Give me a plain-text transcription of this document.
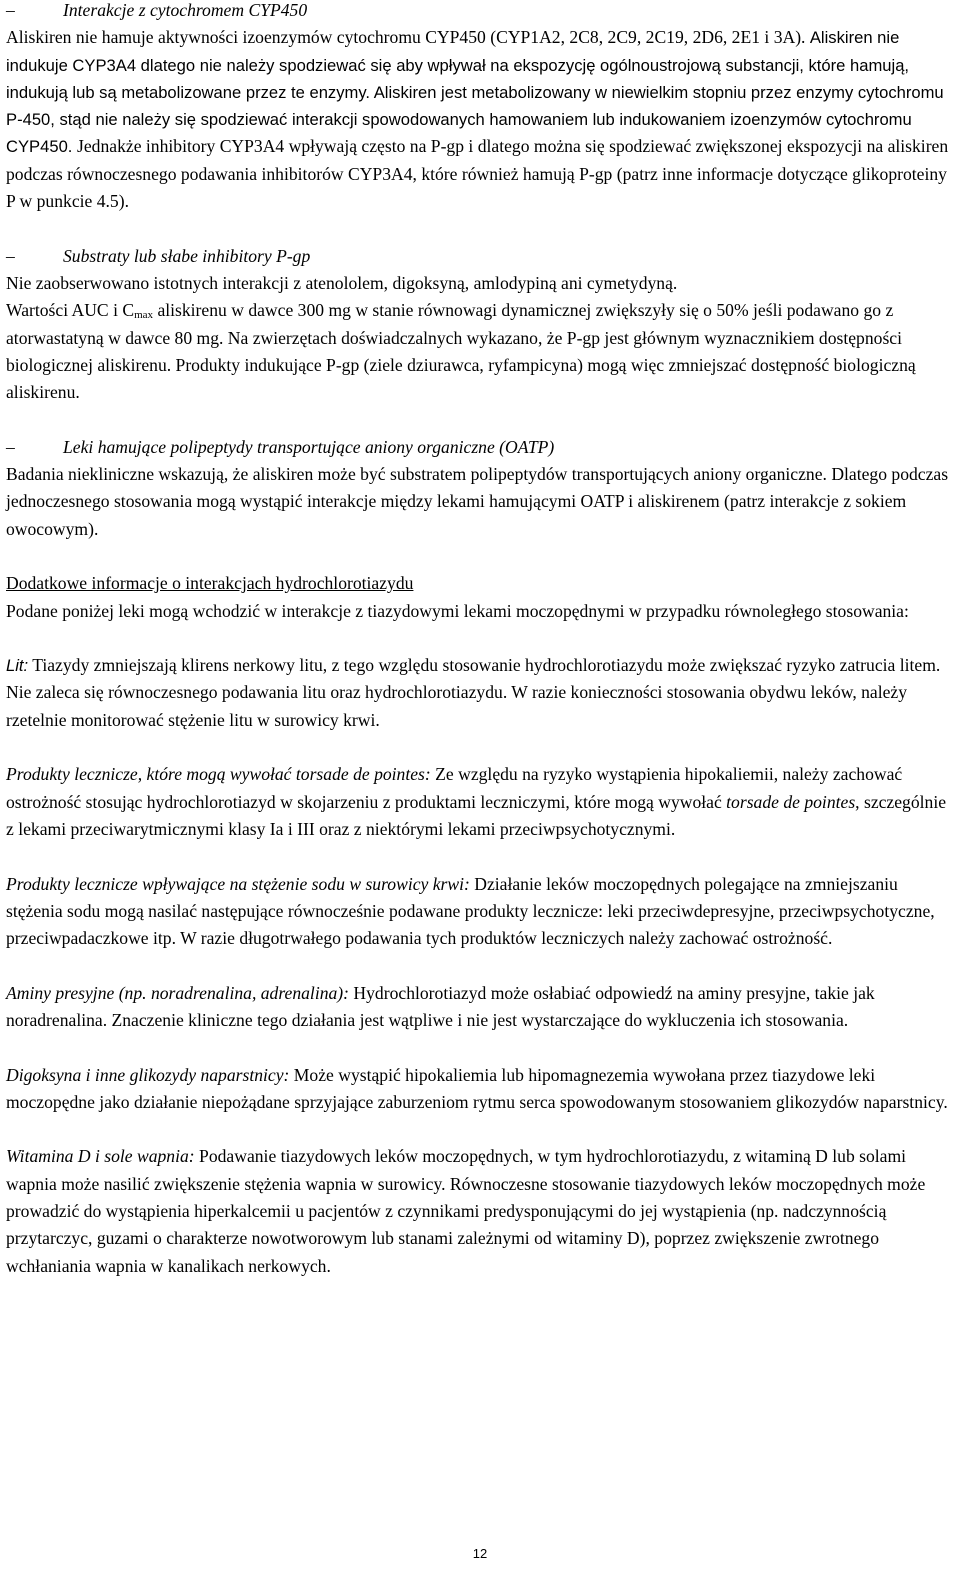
–	Interakcje z cytochromem CYP450

Aliskiren nie hamuje aktywności izoenzymów cytochromu CYP450 (CYP1A2, 2C8, 2C9, 2C19, 2D6, 2E1 i 3A). Aliskiren nie indukuje CYP3A4 dlatego nie należy spodziewać się aby wpływał na ekspozycję ogólnoustrojową substancji, które hamują, indukują lub są metabolizowane przez te enzymy. Aliskiren jest metabolizowany w niewielkim stopniu przez enzymy cytochromu P-450, stąd nie należy się spodziewać interakcji spowodowanych hamowaniem lub indukowaniem izoenzymów cytochromu CYP450. Jednakże inhibitory CYP3A4 wpływają często na P-gp i dlatego można się spodziewać zwiększonej ekspozycji na aliskiren podczas równoczesnego podawania inhibitorów CYP3A4, które również hamują P-gp (patrz inne informacje dotyczące glikoproteiny P w punkcie 4.5).

–	Substraty lub słabe inhibitory P-gp

Nie zaobserwowano istotnych interakcji z atenololem, digoksyną, amlodypiną ani cymetydyną.

Wartości AUC i $C_{max}$ aliskirenu w dawce 300 mg w stanie równowagi dynamicznej zwiększyły się o 50% jeśli podawano go z atorwastatyną w dawce 80 mg. Na zwierzętach doświadczalnych wykazano, że P-gp jest głównym wyznacznikiem dostępności biologicznej aliskirenu. Produkty indukujące P-gp (ziele dziurawca, ryfampicyna) mogą więc zmniejszać dostępność biologiczną aliskirenu.

–	Leki hamujące polipeptydy transportujące aniony organiczne (OATP)

Badania niekliniczne wskazują, że aliskiren może być substratem polipeptydów transportujących aniony organiczne. Dlatego podczas jednoczesnego stosowania mogą wystąpić interakcje między lekami hamującymi OATP i aliskirenem (patrz interakcje z sokiem owocowym).

Dodatkowe informacje o interakcjach hydrochlorotiazydu

Podane poniżej leki mogą wchodzić w interakcje z tiazydowymi lekami moczopędnymi w przypadku równoległego stosowania:

Lit: Tiazydy zmniejszają klirens nerkowy litu, z tego względu stosowanie hydrochlorotiazydu może zwiększać ryzyko zatrucia litem. Nie zaleca się równoczesnego podawania litu oraz hydrochlorotiazydu. W razie konieczności stosowania obydwu leków, należy rzetelnie monitorować stężenie litu w surowicy krwi.

Produkty lecznicze, które mogą wywołać torsade de pointes: Ze względu na ryzyko wystąpienia hipokaliemii, należy zachować ostrożność stosując hydrochlorotiazyd w skojarzeniu z produktami leczniczymi, które mogą wywołać torsade de pointes, szczególnie z lekami przeciwarytmicznymi klasy Ia i III oraz z niektórymi lekami przeciwpsychotycznymi.

Produkty lecznicze wpływające na stężenie sodu w surowicy krwi: Działanie leków moczopędnych polegające na zmniejszaniu stężenia sodu mogą nasilać następujące równocześnie podawane produkty lecznicze: leki przeciwdepresyjne, przeciwpsychotyczne, przeciwpadaczkowe itp. W razie długotrwałego podawania tych produktów leczniczych należy zachować ostrożność.

Aminy presyjne (np. noradrenalina, adrenalina): Hydrochlorotiazyd może osłabiać odpowiedź na aminy presyjne, takie jak noradrenalina. Znaczenie kliniczne tego działania jest wątpliwe i nie jest wystarczające do wykluczenia ich stosowania.

Digoksyna i inne glikozydy naparstnicy: Może wystąpić hipokaliemia lub hipomagnezemia wywołana przez tiazydowe leki moczopędne jako działanie niepożądane sprzyjające zaburzeniom rytmu serca spowodowanym stosowaniem glikozydów naparstnicy.

Witamina D i sole wapnia: Podawanie tiazydowych leków moczopędnych, w tym hydrochlorotiazydu, z witaminą D lub solami wapnia może nasilić zwiększenie stężenia wapnia w surowicy. Równoczesne stosowanie tiazydowych leków moczopędnych może prowadzić do wystąpienia hiperkalcemii u pacjentów z czynnikami predysponującymi do jej wystąpienia (np. nadczynnością przytarczyc, guzami o charakterze nowotworowym lub stanami zależnymi od witaminy D), poprzez zwiększenie zwrotnego wchłaniania wapnia w kanalikach nerkowych.

12
